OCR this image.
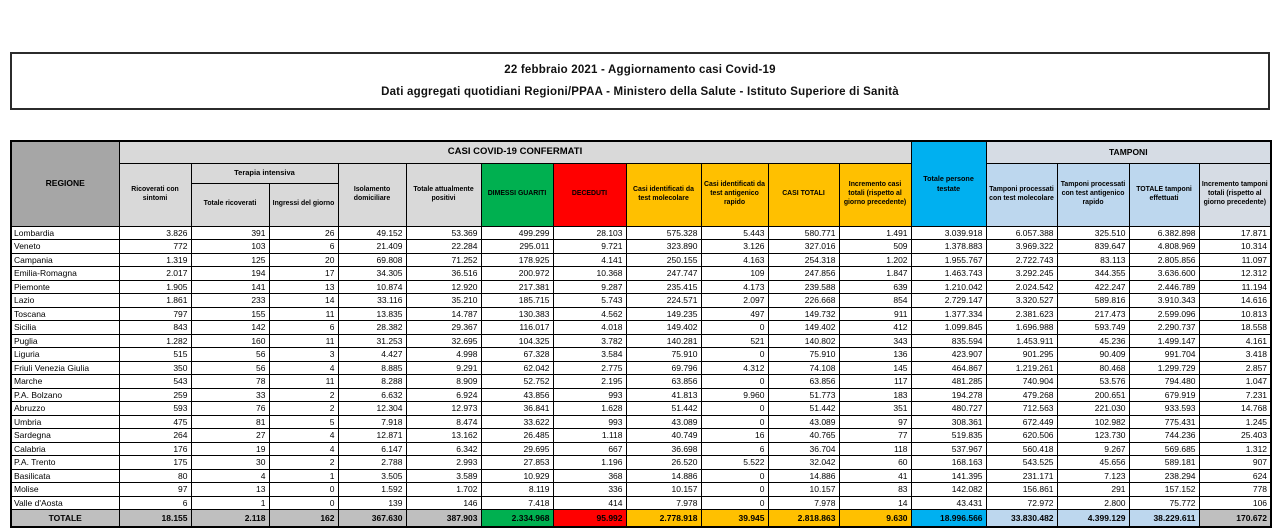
22 febbraio 2021 - Aggiornamento casi Covid-19
Dati aggregati quotidiani Regioni/PPAA - Ministero della Salute - Istituto Superiore di Sanità
REGIONE	CASI COVID-19 CONFERMATI											Totale persone testate	TAMPONI			
	Ricoverati con sintomi	Terapia intensiva		Isolamento domiciliare	Totale attualmente positivi	DIMESSI GUARITI	DECEDUTI	Casi identificati da test molecolare	Casi identificati da test antigenico rapido	CASI TOTALI	Incremento casi totali (rispetto al giorno precedente)		Tamponi processati con test molecolare	Tamponi processati con test antigenico rapido	TOTALE tamponi effettuati	Incremento tamponi totali (rispetto al giorno precedente)
		Totale ricoverati	Ingressi del giorno													
Lombardia	3.826	391	26	49.152	53.369	499.299	28.103	575.328	5.443	580.771	1.491	3.039.918	6.057.388	325.510	6.382.898	17.871
Veneto	772	103	6	21.409	22.284	295.011	9.721	323.890	3.126	327.016	509	1.378.883	3.969.322	839.647	4.808.969	10.314
Campania	1.319	125	20	69.808	71.252	178.925	4.141	250.155	4.163	254.318	1.202	1.955.767	2.722.743	83.113	2.805.856	11.097
Emilia-Romagna	2.017	194	17	34.305	36.516	200.972	10.368	247.747	109	247.856	1.847	1.463.743	3.292.245	344.355	3.636.600	12.312
Piemonte	1.905	141	13	10.874	12.920	217.381	9.287	235.415	4.173	239.588	639	1.210.042	2.024.542	422.247	2.446.789	11.194
Lazio	1.861	233	14	33.116	35.210	185.715	5.743	224.571	2.097	226.668	854	2.729.147	3.320.527	589.816	3.910.343	14.616
Toscana	797	155	11	13.835	14.787	130.383	4.562	149.235	497	149.732	911	1.377.334	2.381.623	217.473	2.599.096	10.813
Sicilia	843	142	6	28.382	29.367	116.017	4.018	149.402	0	149.402	412	1.099.845	1.696.988	593.749	2.290.737	18.558
Puglia	1.282	160	11	31.253	32.695	104.325	3.782	140.281	521	140.802	343	835.594	1.453.911	45.236	1.499.147	4.161
Liguria	515	56	3	4.427	4.998	67.328	3.584	75.910	0	75.910	136	423.907	901.295	90.409	991.704	3.418
Friuli Venezia Giulia	350	56	4	8.885	9.291	62.042	2.775	69.796	4.312	74.108	145	464.867	1.219.261	80.468	1.299.729	2.857
Marche	543	78	11	8.288	8.909	52.752	2.195	63.856	0	63.856	117	481.285	740.904	53.576	794.480	1.047
P.A. Bolzano	259	33	2	6.632	6.924	43.856	993	41.813	9.960	51.773	183	194.278	479.268	200.651	679.919	7.231
Abruzzo	593	76	2	12.304	12.973	36.841	1.628	51.442	0	51.442	351	480.727	712.563	221.030	933.593	14.768
Umbria	475	81	5	7.918	8.474	33.622	993	43.089	0	43.089	97	308.361	672.449	102.982	775.431	1.245
Sardegna	264	27	4	12.871	13.162	26.485	1.118	40.749	16	40.765	77	519.835	620.506	123.730	744.236	25.403
Calabria	176	19	4	6.147	6.342	29.695	667	36.698	6	36.704	118	537.967	560.418	9.267	569.685	1.312
P.A. Trento	175	30	2	2.788	2.993	27.853	1.196	26.520	5.522	32.042	60	168.163	543.525	45.656	589.181	907
Basilicata	80	4	1	3.505	3.589	10.929	368	14.886	0	14.886	41	141.395	231.171	7.123	238.294	624
Molise	97	13	0	1.592	1.702	8.119	336	10.157	0	10.157	83	142.082	156.861	291	157.152	778
Valle d'Aosta	6	1	0	139	146	7.418	414	7.978	0	7.978	14	43.431	72.972	2.800	75.772	106
TOTALE	18.155	2.118	162	367.630	387.903	2.334.968	95.992	2.778.918	39.945	2.818.863	9.630	18.996.566	33.830.482	4.399.129	38.229.611	170.672
